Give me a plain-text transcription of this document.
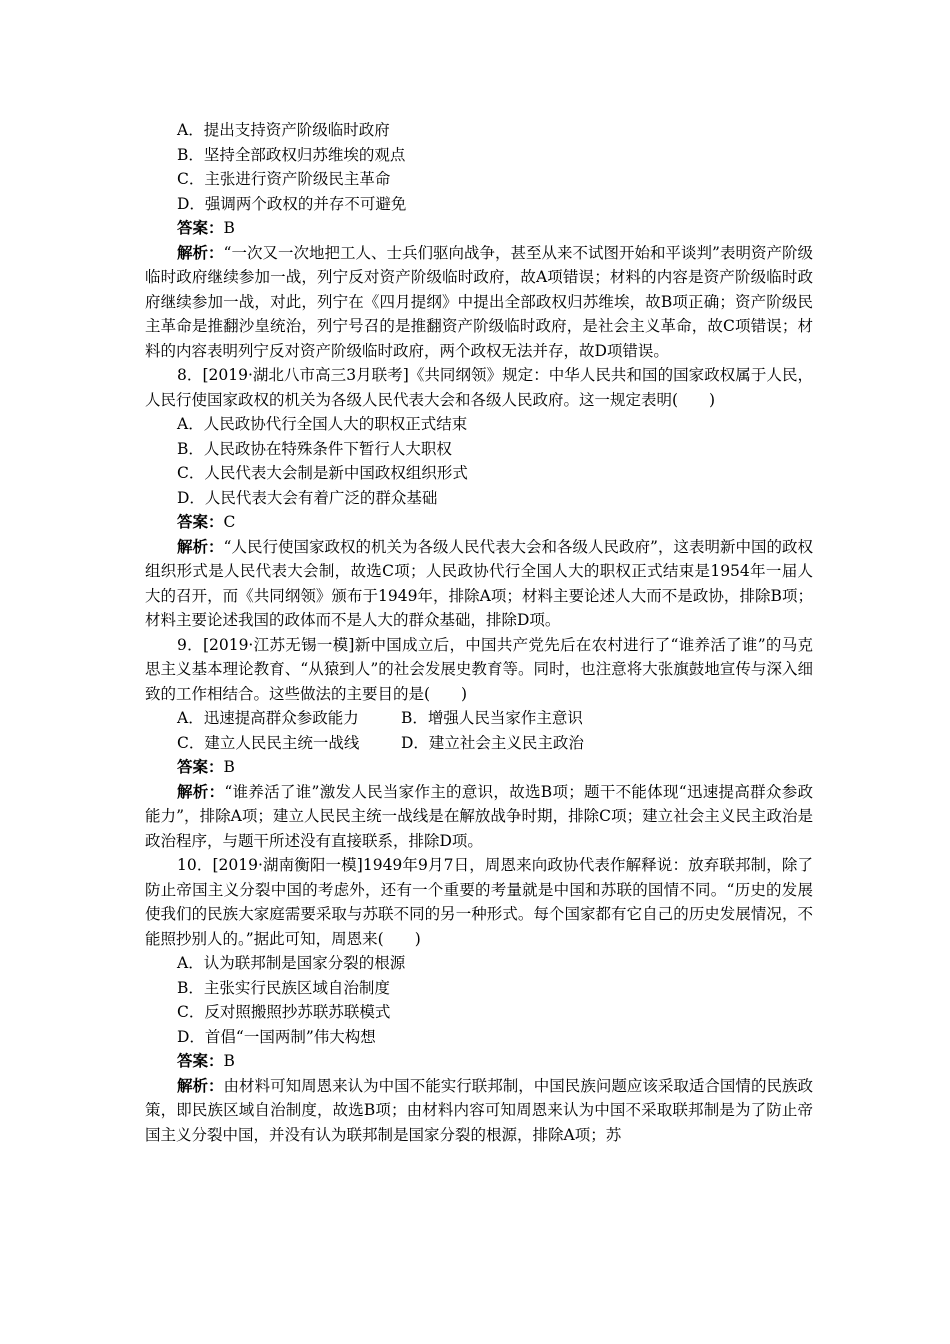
A．提出支持资产阶级临时政府

B．坚持全部政权归苏维埃的观点

C．主张进行资产阶级民主革命

D．强调两个政权的并存不可避免

答案：B

解析：“一次又一次地把工人、士兵们驱向战争，甚至从来不试图开始和平谈判”表明资产阶级临时政府继续参加一战，列宁反对资产阶级临时政府，故A项错误；材料的内容是资产阶级临时政府继续参加一战，对此，列宁在《四月提纲》中提出全部政权归苏维埃，故B项正确；资产阶级民主革命是推翻沙皇统治，列宁号召的是推翻资产阶级临时政府，是社会主义革命，故C项错误；材料的内容表明列宁反对资产阶级临时政府，两个政权无法并存，故D项错误。

8．[2019·湖北八市高三3月联考]《共同纲领》规定：中华人民共和国的国家政权属于人民，人民行使国家政权的机关为各级人民代表大会和各级人民政府。这一规定表明(　　)

A．人民政协代行全国人大的职权正式结束

B．人民政协在特殊条件下暂行人大职权

C．人民代表大会制是新中国政权组织形式

D．人民代表大会有着广泛的群众基础

答案：C

解析：“人民行使国家政权的机关为各级人民代表大会和各级人民政府”，这表明新中国的政权组织形式是人民代表大会制，故选C项；人民政协代行全国人大的职权正式结束是1954年一届人大的召开，而《共同纲领》颁布于1949年，排除A项；材料主要论述人大而不是政协，排除B项；材料主要论述我国的政体而不是人大的群众基础，排除D项。

9．[2019·江苏无锡一模]新中国成立后，中国共产党先后在农村进行了“谁养活了谁”的马克思主义基本理论教育、“从猿到人”的社会发展史教育等。同时，也注意将大张旗鼓地宣传与深入细致的工作相结合。这些做法的主要目的是(　　)

A．迅速提高群众参政能力	B．增强人民当家作主意识
C．建立人民民主统一战线	D．建立社会主义民主政治

答案：B

解析：“谁养活了谁”激发人民当家作主的意识，故选B项；题干不能体现“迅速提高群众参政能力”，排除A项；建立人民民主统一战线是在解放战争时期，排除C项；建立社会主义民主政治是政治程序，与题干所述没有直接联系，排除D项。

10．[2019·湖南衡阳一模]1949年9月7日，周恩来向政协代表作解释说：放弃联邦制，除了防止帝国主义分裂中国的考虑外，还有一个重要的考量就是中国和苏联的国情不同。“历史的发展使我们的民族大家庭需要采取与苏联不同的另一种形式。每个国家都有它自己的历史发展情况，不能照抄别人的。”据此可知，周恩来(　　)

A．认为联邦制是国家分裂的根源

B．主张实行民族区域自治制度

C．反对照搬照抄苏联苏联模式

D．首倡“一国两制”伟大构想

答案：B

解析：由材料可知周恩来认为中国不能实行联邦制，中国民族问题应该采取适合国情的民族政策，即民族区域自治制度，故选B项；由材料内容可知周恩来认为中国不采取联邦制是为了防止帝国主义分裂中国，并没有认为联邦制是国家分裂的根源，排除A项；苏
